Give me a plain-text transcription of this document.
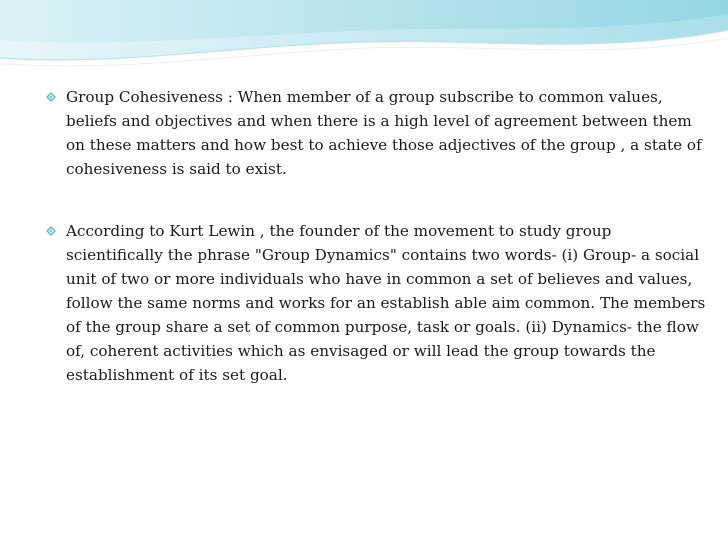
Group Cohesiveness : When member of a group subscribe to common values, beliefs and objectives and when there is a high level of agreement between them on these matters and how best to achieve those adjectives of the group , a state of cohesiveness is said to exist.
According to Kurt Lewin , the founder of the movement to study group scientifically the phrase "Group Dynamics" contains two words- (i) Group- a social unit of two or more individuals who have in common a set of believes and values, follow the same norms and works for an establish able aim common. The members of the group share a set of common purpose, task or goals. (ii) Dynamics- the flow of, coherent activities which as envisaged or will lead the group towards the establishment of its set goal.
